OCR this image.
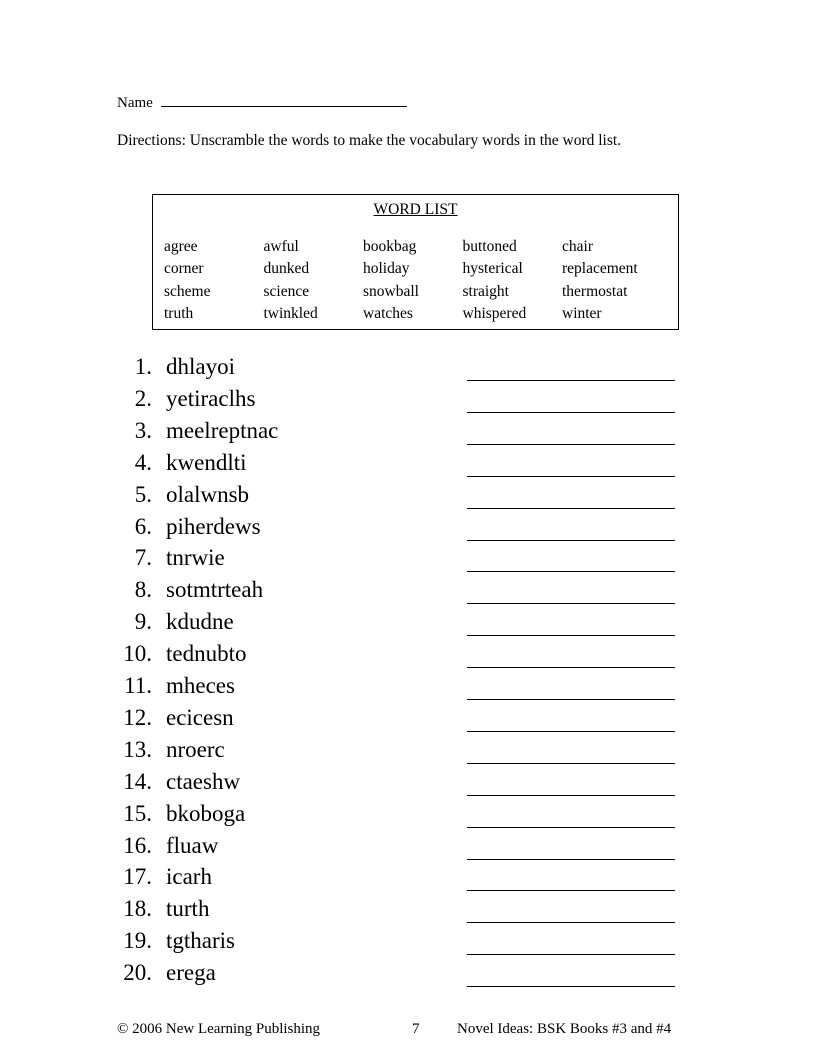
Name
Directions: Unscramble the words to make the vocabulary words in the word list.
WORD LIST
agree	awful	bookbag	buttoned	chair
corner	dunked	holiday	hysterical	replacement
scheme	science	snowball	straight	thermostat
truth	twinkled	watches	whispered	winter
1. dhlayoi
2. yetiraclhs
3. meelreptnac
4. kwendlti
5. olalwnsb
6. piherdews
7. tnrwie
8. sotmtrteah
9. kdudne
10. tednubto
11. mheces
12. ecicesn
13. nroerc
14. ctaeshw
15. bkoboga
16. fluaw
17. icarh
18. turth
19. tgtharis
20. erega
© 2006 New Learning Publishing	7	Novel Ideas: BSK Books #3 and #4
